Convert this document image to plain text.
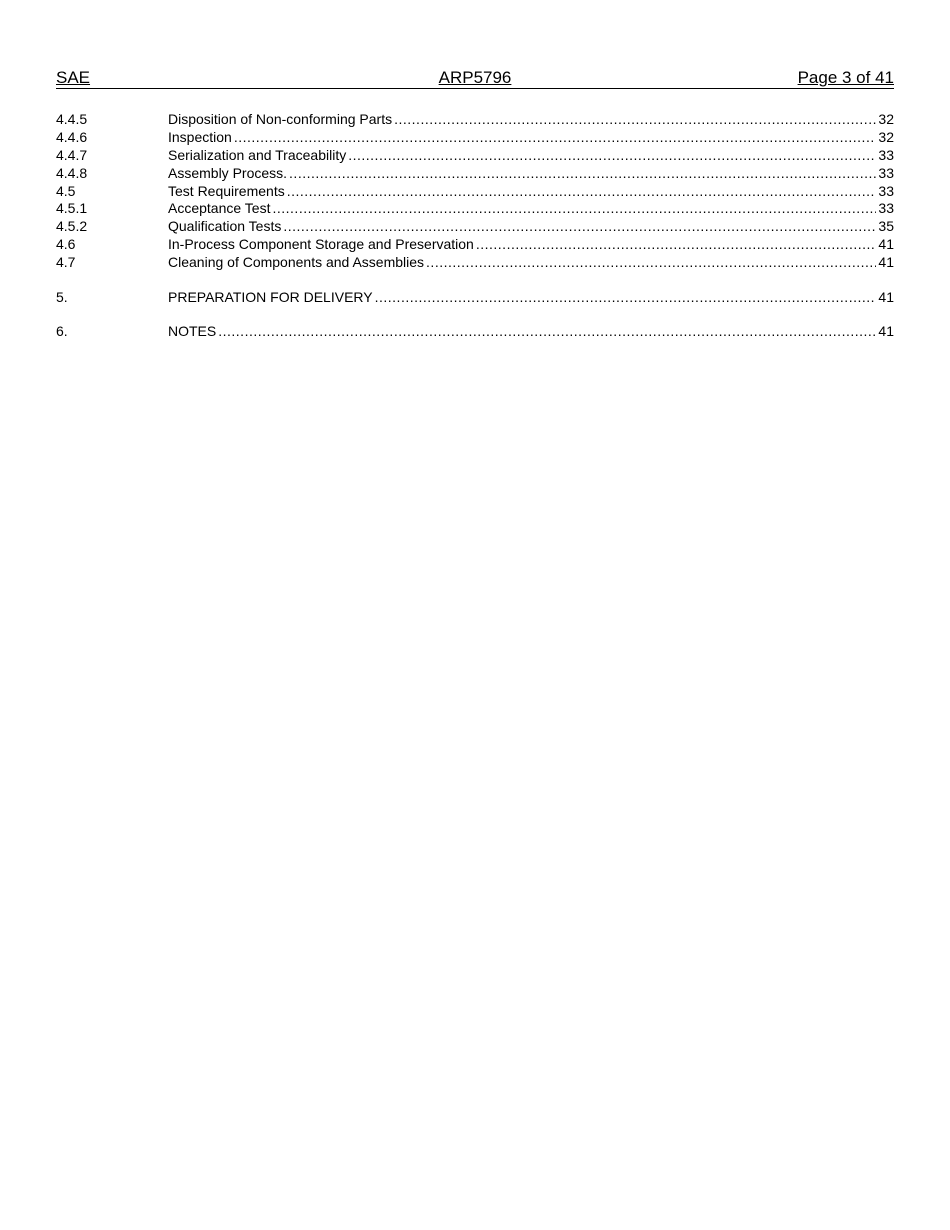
SAE	ARP5796	Page 3 of 41
4.4.5	Disposition of Non-conforming Parts .....	32
4.4.6	Inspection .....	32
4.4.7	Serialization and Traceability .....	33
4.4.8	Assembly Process. .....	33
4.5	Test Requirements .....	33
4.5.1	Acceptance Test .....	33
4.5.2	Qualification Tests .....	35
4.6	In-Process Component Storage and Preservation .....	41
4.7	Cleaning of Components and Assemblies .....	41
5.	PREPARATION FOR DELIVERY .....	41
6.	NOTES .....	41
